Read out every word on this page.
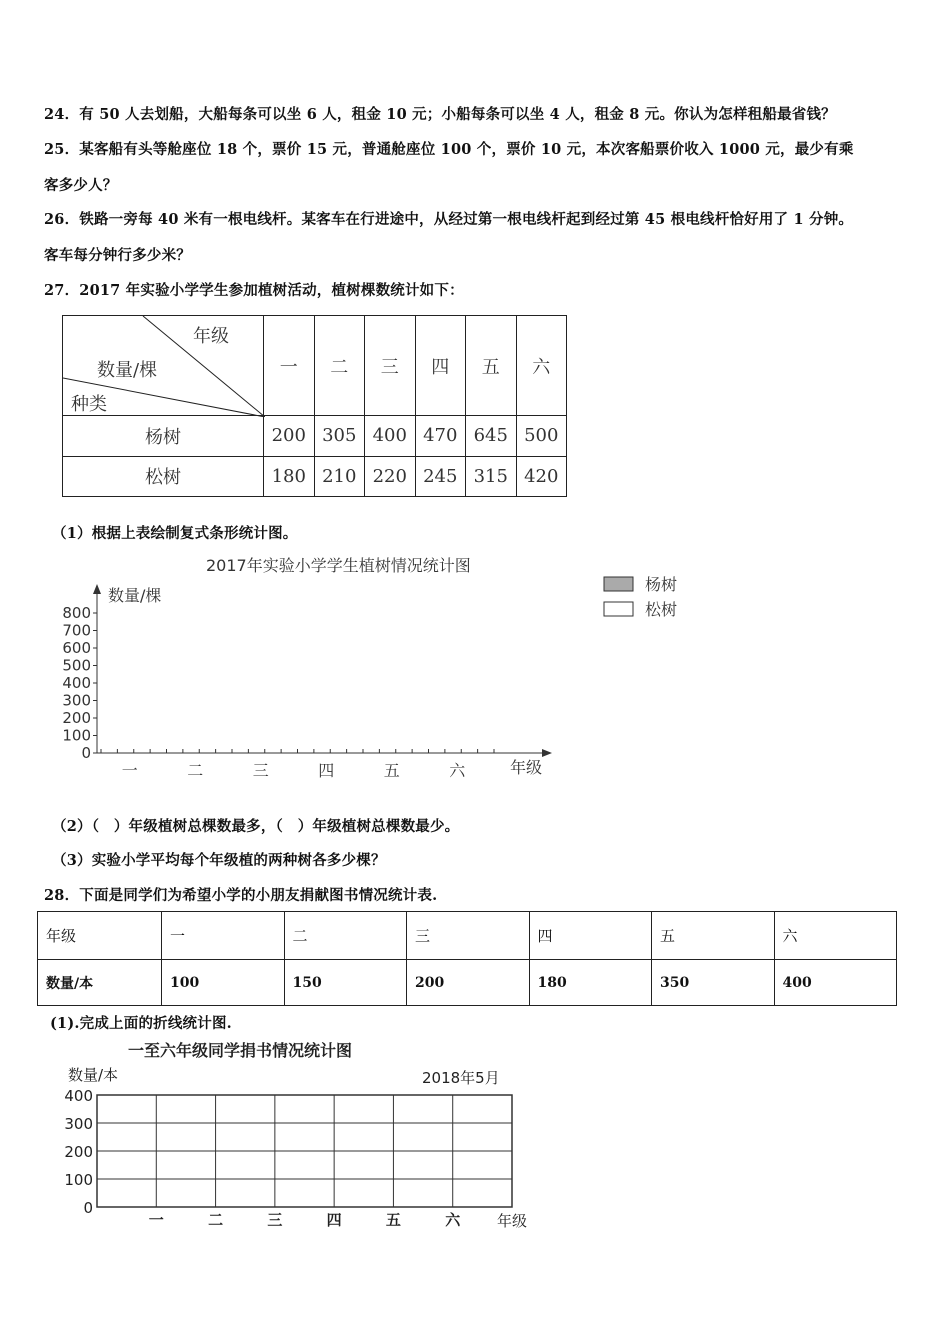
24．有 50 人去划船，大船每条可以坐 6 人，租金 10 元；小船每条可以坐 4 人，租金 8 元。你认为怎样租船最省钱？
25．某客船有头等舱座位 18 个，票价 15 元，普通舱座位 100 个，票价 10 元，本次客船票价收入 1000 元，最少有乘
客多少人？
26．铁路一旁每 40 米有一根电线杆。某客车在行进途中，从经过第一根电线杆起到经过第 45 根电线杆恰好用了 1 分钟。
客车每分钟行多少米？
27．2017 年实验小学学生参加植树活动，植树棵数统计如下：
年级
数量/棵
种类	一	二	三	四	五	六
杨树	200	305	400	470	645	500
松树	180	210	220	245	315	420
（1）根据上表绘制复式条形统计图。
2017年实验小学学生植树情况统计图
数量/棵
0
100
200
300
400
500
600
700
800
一	二	三	四	五	六	年级
杨树
松树
（2）（　）年级植树总棵数最多，（　）年级植树总棵数最少。
（3）实验小学平均每个年级植的两种树各多少棵？
28．下面是同学们为希望小学的小朋友捐献图书情况统计表.
年级	一	二	三	四	五	六
数量/本	100	150	200	180	350	400
(1).完成上面的折线统计图.
一至六年级同学捐书情况统计图
数量/本	2018年5月
0
100
200
300
400
一	二	三	四	五	六 年级
